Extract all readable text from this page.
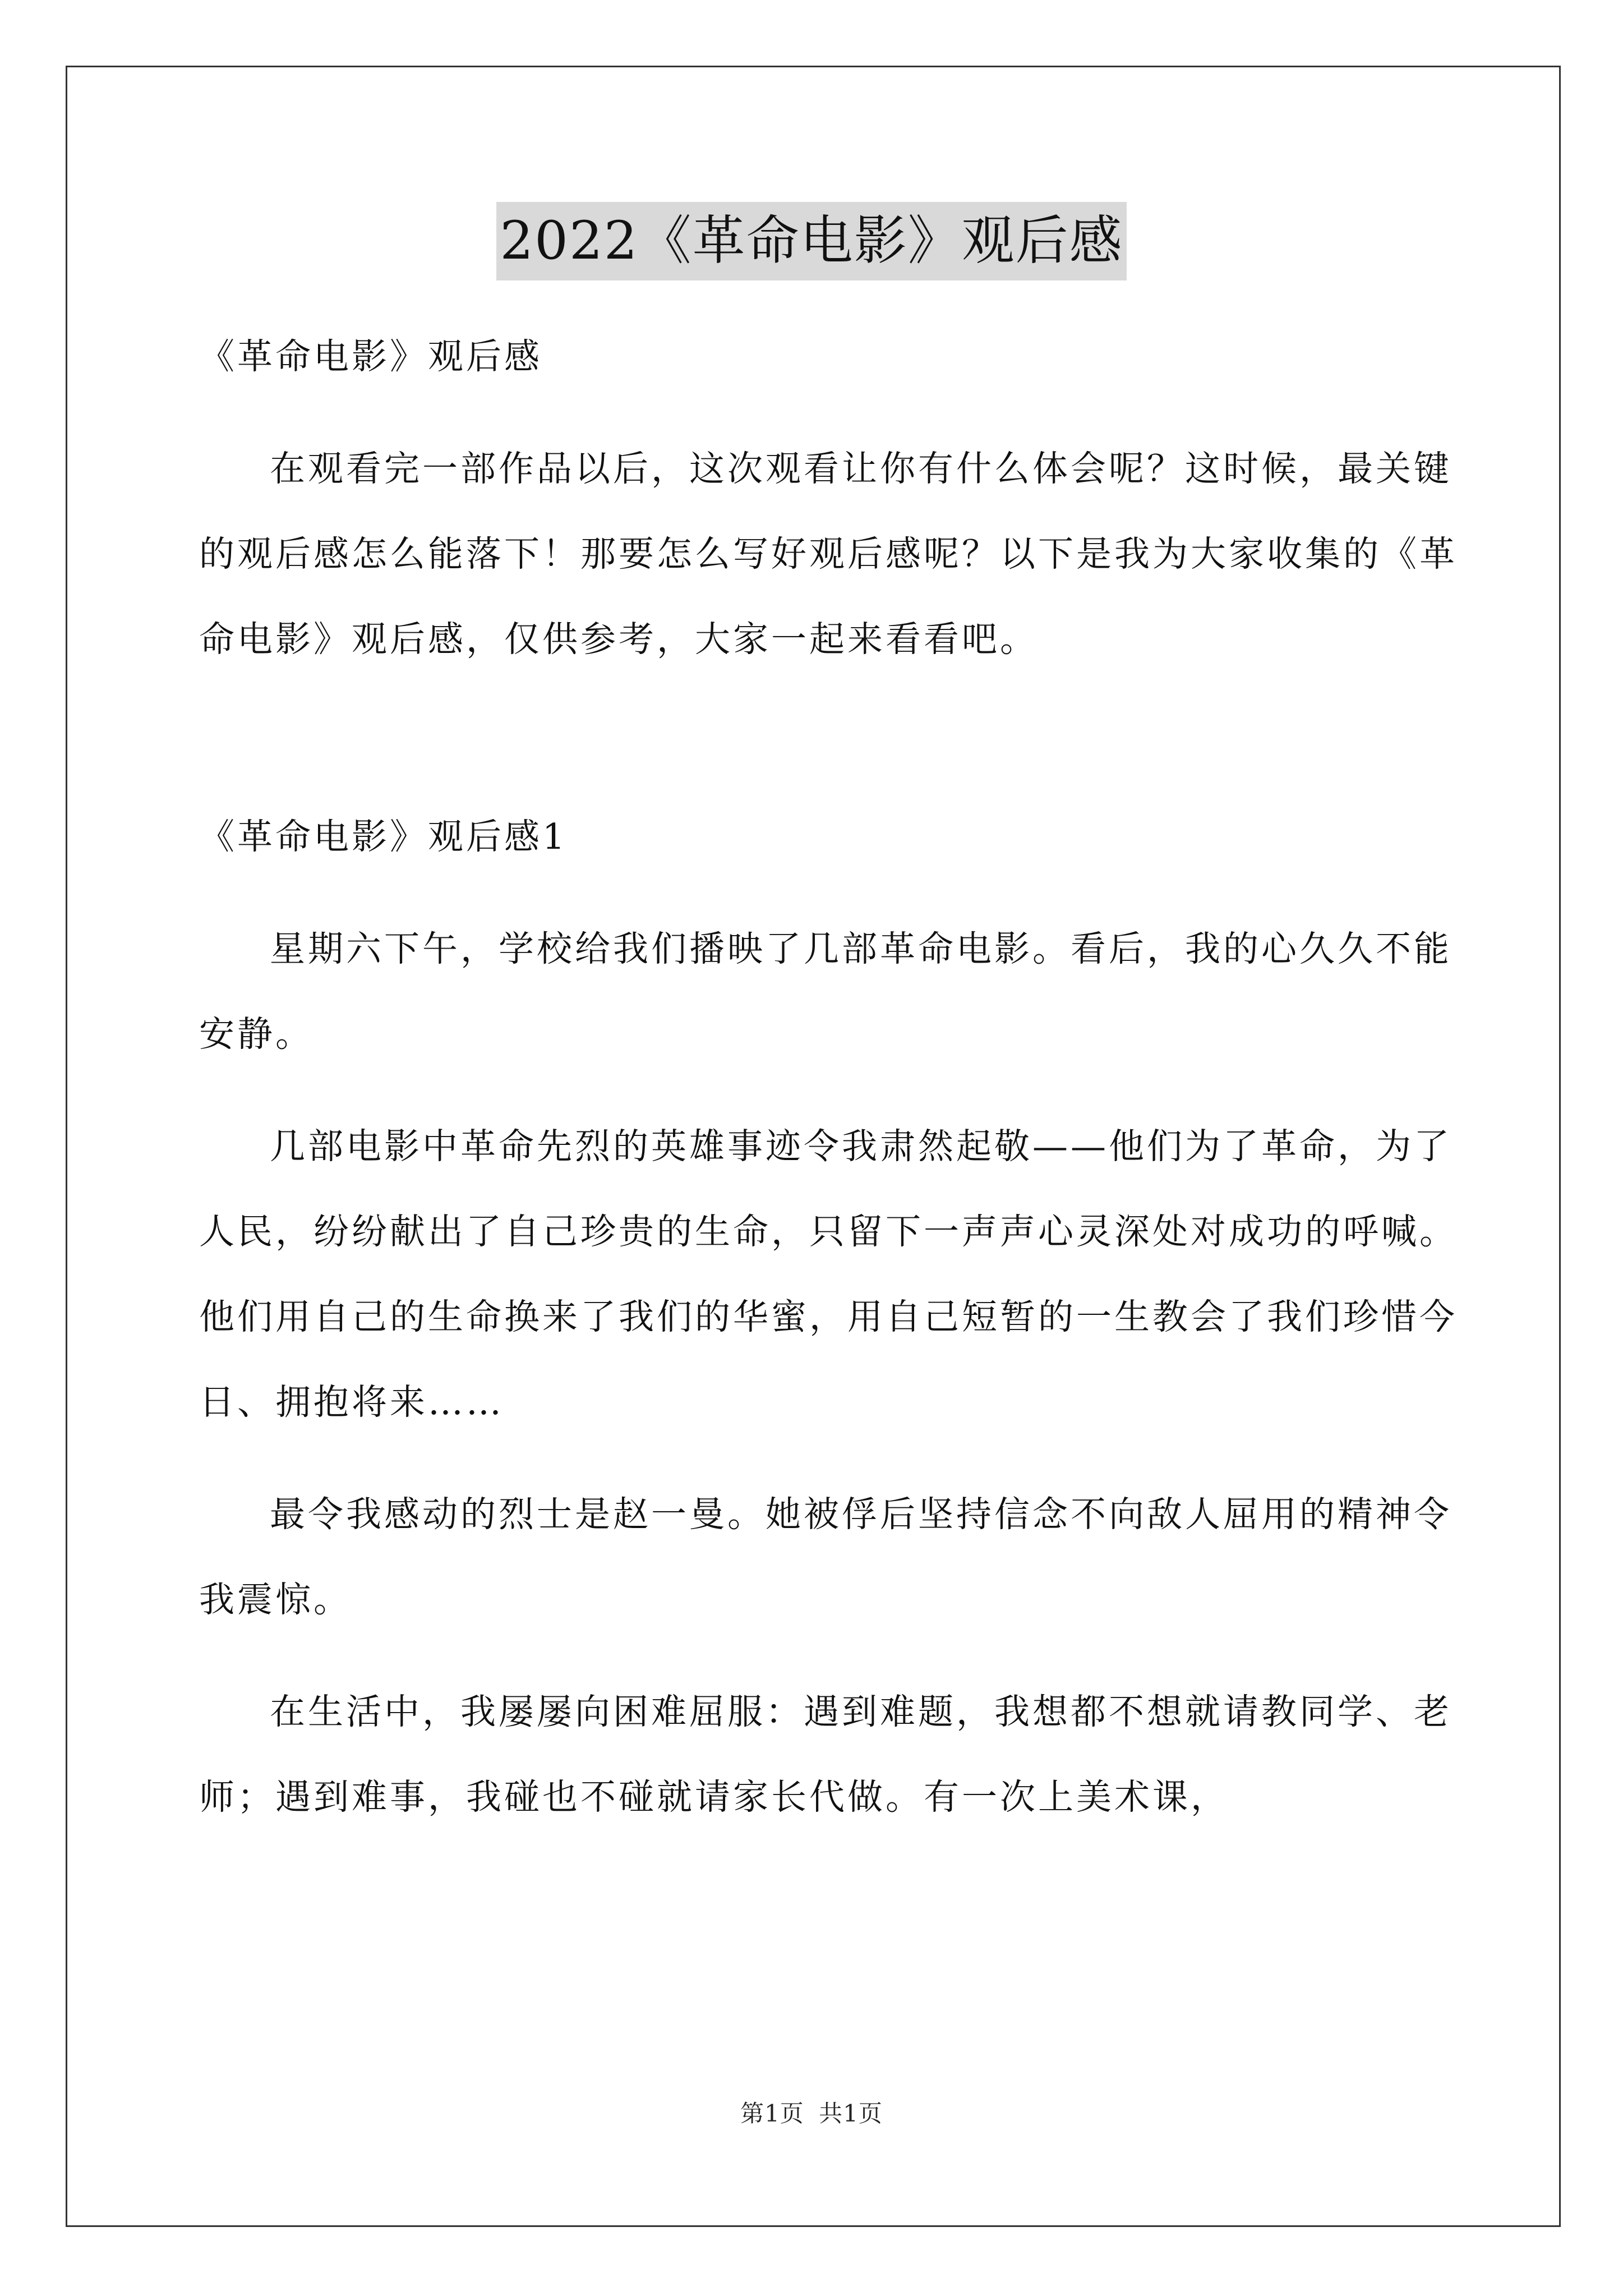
2022《革命电影》观后感

《革命电影》观后感

在观看完一部作品以后，这次观看让你有什么体会呢？这时候，最关键的观后感怎么能落下！那要怎么写好观后感呢？以下是我为大家收集的《革命电影》观后感，仅供参考，大家一起来看看吧。

《革命电影》观后感1

星期六下午，学校给我们播映了几部革命电影。看后，我的心久久不能安静。

几部电影中革命先烈的英雄事迹令我肃然起敬——他们为了革命，为了人民，纷纷献出了自己珍贵的生命，只留下一声声心灵深处对成功的呼喊。他们用自己的生命换来了我们的华蜜，用自己短暂的一生教会了我们珍惜今日、拥抱将来……

最令我感动的烈士是赵一曼。她被俘后坚持信念不向敌人屈用的精神令我震惊。

在生活中，我屡屡向困难屈服：遇到难题，我想都不想就请教同学、老师；遇到难事，我碰也不碰就请家长代做。有一次上美术课，

第1页 共1页
